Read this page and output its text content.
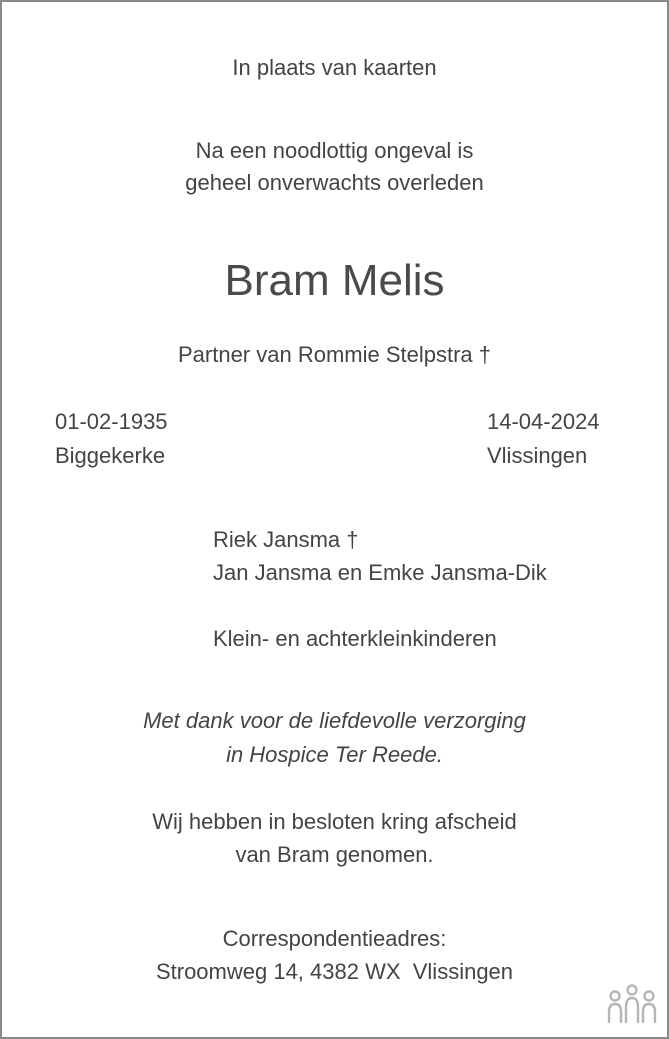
In plaats van kaarten
Na een noodlottig ongeval is
geheel onverwachts overleden
Bram Melis
Partner van Rommie Stelpstra †
01-02-1935
Biggekerke
14-04-2024
Vlissingen
Riek Jansma †
Jan Jansma en Emke Jansma-Dik
Klein- en achterkleinkinderen
Met dank voor de liefdevolle verzorging
in Hospice Ter Reede.
Wij hebben in besloten kring afscheid
van Bram genomen.
Correspondentieadres:
Stroomweg 14, 4382 WX  Vlissingen
